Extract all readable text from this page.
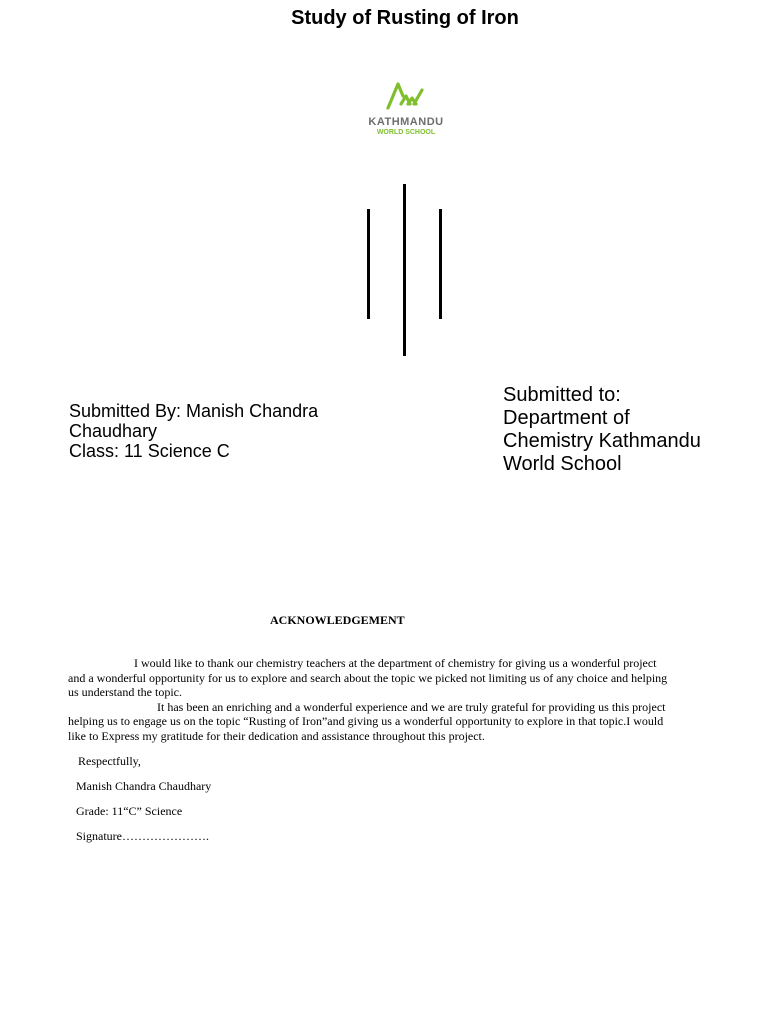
Study of Rusting of Iron
KATHMANDU
WORLD SCHOOL
Submitted By: Manish Chandra Chaudhary
Class: 11 Science C
Submitted to: Department of Chemistry Kathmandu World School
ACKNOWLEDGEMENT

I would like to thank our chemistry teachers at the department of chemistry for giving us a wonderful project and a wonderful opportunity for us to explore and search about the topic we picked not limiting us of any choice and helping us understand the topic.

It has been an enriching and a wonderful experience and we are truly grateful for providing us this project helping us to engage us on the topic “Rusting of Iron”and giving us a wonderful opportunity to explore in that topic.I would like to Express my gratitude for their dedication and assistance throughout this project.

Respectfully,
Manish Chandra Chaudhary
Grade: 11“C” Science
Signature………………….
